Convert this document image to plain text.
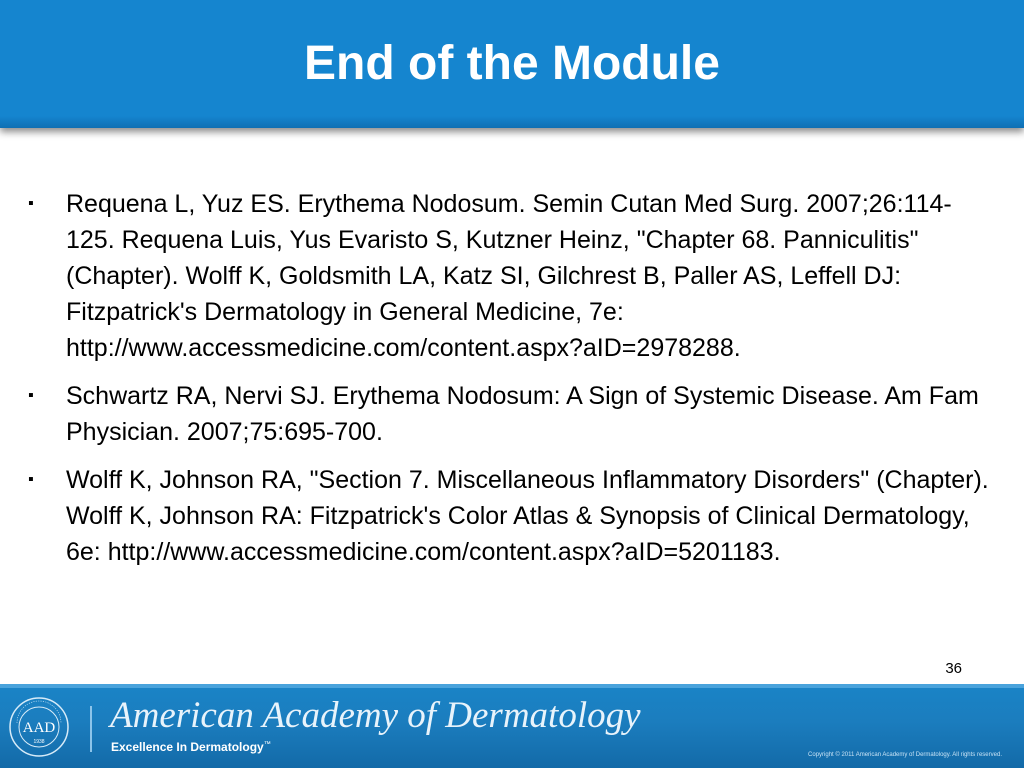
End of the Module
▪ Requena L, Yuz ES. Erythema Nodosum. Semin Cutan Med Surg. 2007;26:114-125. Requena Luis, Yus Evaristo S, Kutzner Heinz, "Chapter 68. Panniculitis" (Chapter). Wolff K, Goldsmith LA, Katz SI, Gilchrest B, Paller AS, Leffell DJ: Fitzpatrick's Dermatology in General Medicine, 7e: http://www.accessmedicine.com/content.aspx?aID=2978288.
▪ Schwartz RA, Nervi SJ. Erythema Nodosum: A Sign of Systemic Disease. Am Fam Physician. 2007;75:695-700.
▪ Wolff K, Johnson RA, "Section 7. Miscellaneous Inflammatory Disorders" (Chapter). Wolff K, Johnson RA: Fitzpatrick's Color Atlas & Synopsis of Clinical Dermatology, 6e: http://www.accessmedicine.com/content.aspx?aID=5201183.
36
AAD
1938
American Academy of Dermatology
Excellence In Dermatology™
Copyright © 2011 American Academy of Dermatology. All rights reserved.
